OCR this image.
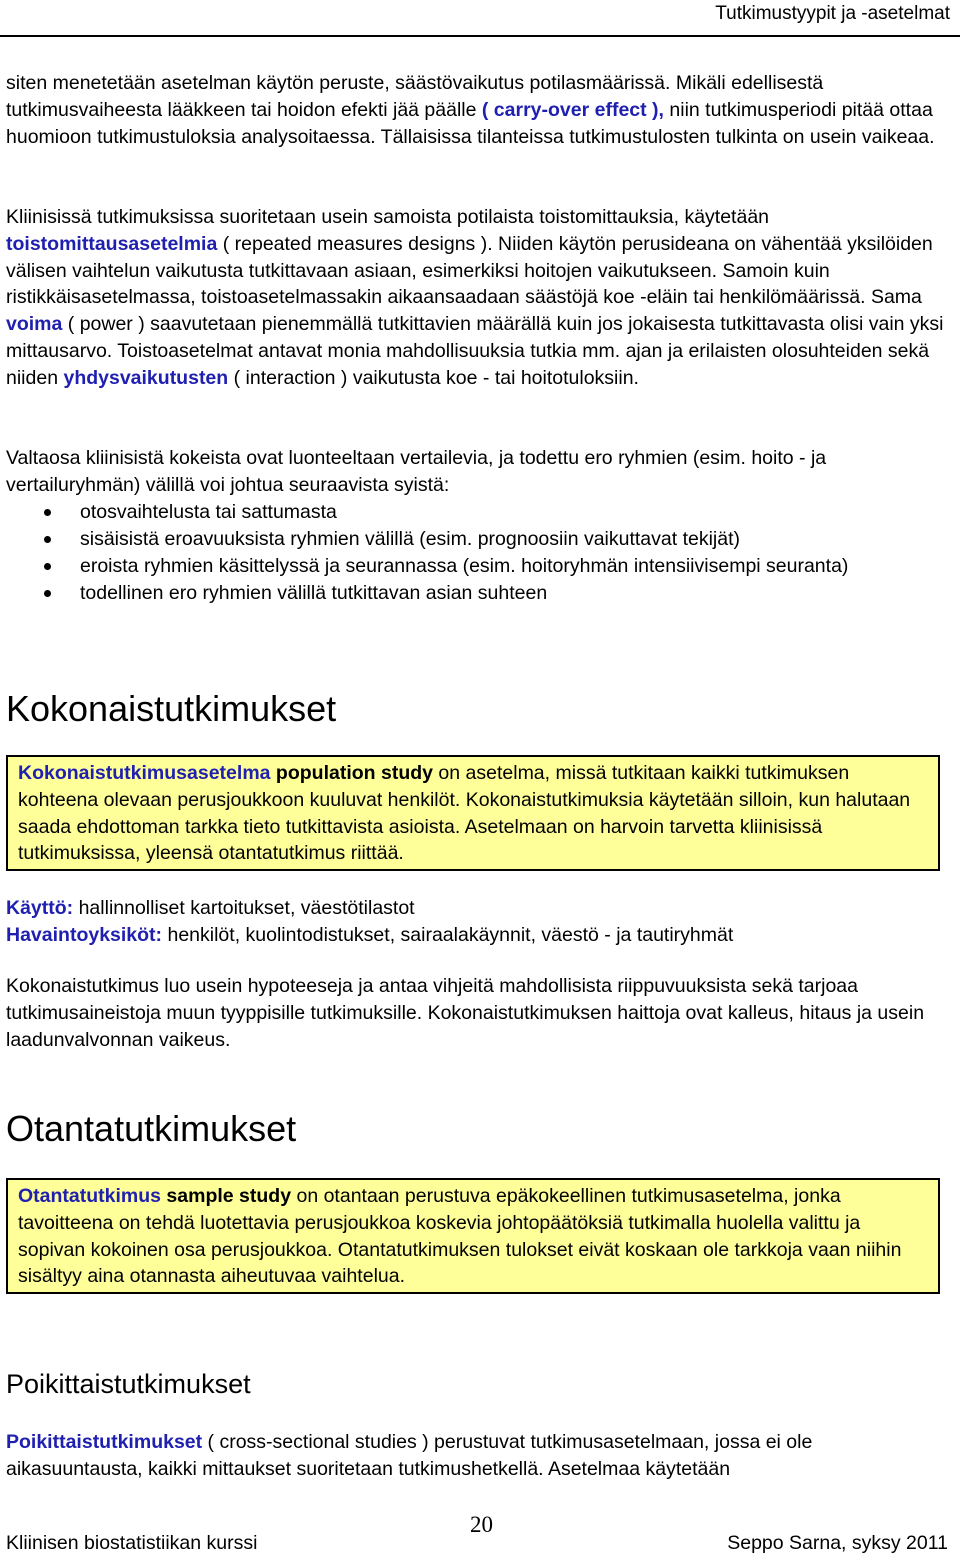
Tutkimustyypit ja -asetelmat
siten menetetään asetelman käytön peruste, säästövaikutus potilasmäärissä. Mikäli edellisestä tutkimusvaiheesta lääkkeen tai hoidon efekti jää päälle ( carry-over effect ), niin tutkimusperiodi pitää ottaa huomioon tutkimustuloksia analysoitaessa. Tällaisissa tilanteissa tutkimustulosten tulkinta on usein vaikeaa.
Kliinisissä tutkimuksissa suoritetaan usein samoista potilaista toistomittauksia, käytetään toistomittausasetelmia ( repeated measures designs ). Niiden käytön perusideana on vähentää yksilöiden välisen vaihtelun vaikutusta tutkittavaan asiaan, esimerkiksi hoitojen vaikutukseen. Samoin kuin ristikkäisasetelmassa, toistoasetelmassakin aikaansaadaan säästöjä koe -eläin tai henkilömäärissä. Sama voima ( power ) saavutetaan pienemmällä tutkittavien määrällä kuin jos jokaisesta tutkittavasta olisi vain yksi mittausarvo. Toistoasetelmat antavat monia mahdollisuuksia tutkia mm. ajan ja erilaisten olosuhteiden sekä niiden yhdysvaikutusten ( interaction ) vaikutusta koe - tai hoitotuloksiin.
Valtaosa kliinisistä kokeista ovat luonteeltaan vertailevia, ja todettu ero ryhmien (esim. hoito - ja vertailuryhmän) välillä voi johtua seuraavista syistä:
otosvaihtelusta tai sattumasta
sisäisistä eroavuuksista ryhmien välillä (esim. prognoosiin vaikuttavat tekijät)
eroista ryhmien käsittelyssä ja seurannassa (esim. hoitoryhmän intensiivisempi seuranta)
todellinen ero ryhmien välillä tutkittavan asian suhteen
Kokonaistutkimukset
Kokonaistutkimusasetelma population study on asetelma, missä tutkitaan kaikki tutkimuksen kohteena olevaan perusjoukkoon kuuluvat henkilöt. Kokonaistutkimuksia käytetään silloin, kun halutaan saada ehdottoman tarkka tieto tutkittavista asioista. Asetelmaan on harvoin tarvetta kliinisissä tutkimuksissa, yleensä otantatutkimus riittää.
Käyttö: hallinnolliset kartoitukset, väestötilastot
Havaintoyksiköt: henkilöt, kuolintodistukset, sairaalakäynnit, väestö - ja tautiryhmät
Kokonaistutkimus luo usein hypoteeseja ja antaa vihjeitä mahdollisista riippuvuuksista sekä tarjoaa tutkimusaineistoja muun tyyppisille tutkimuksille. Kokonaistutkimuksen haittoja ovat kalleus, hitaus ja usein laadunvalvonnan vaikeus.
Otantatutkimukset
Otantatutkimus sample study on otantaan perustuva epäkokeellinen tutkimusasetelma, jonka tavoitteena on tehdä luotettavia perusjoukkoa koskevia johtopäätöksiä tutkimalla huolella valittu ja sopivan kokoinen osa perusjoukkoa. Otantatutkimuksen tulokset eivät koskaan ole tarkkoja vaan niihin sisältyy aina otannasta aiheutuvaa vaihtelua.
Poikittaistutkimukset
Poikittaistutkimukset ( cross-sectional studies ) perustuvat tutkimusasetelmaan, jossa ei ole aikasuuntausta, kaikki mittaukset suoritetaan tutkimushetkellä. Asetelmaa käytetään
20
Kliinisen biostatistiikan kurssi	Seppo Sarna, syksy 2011
